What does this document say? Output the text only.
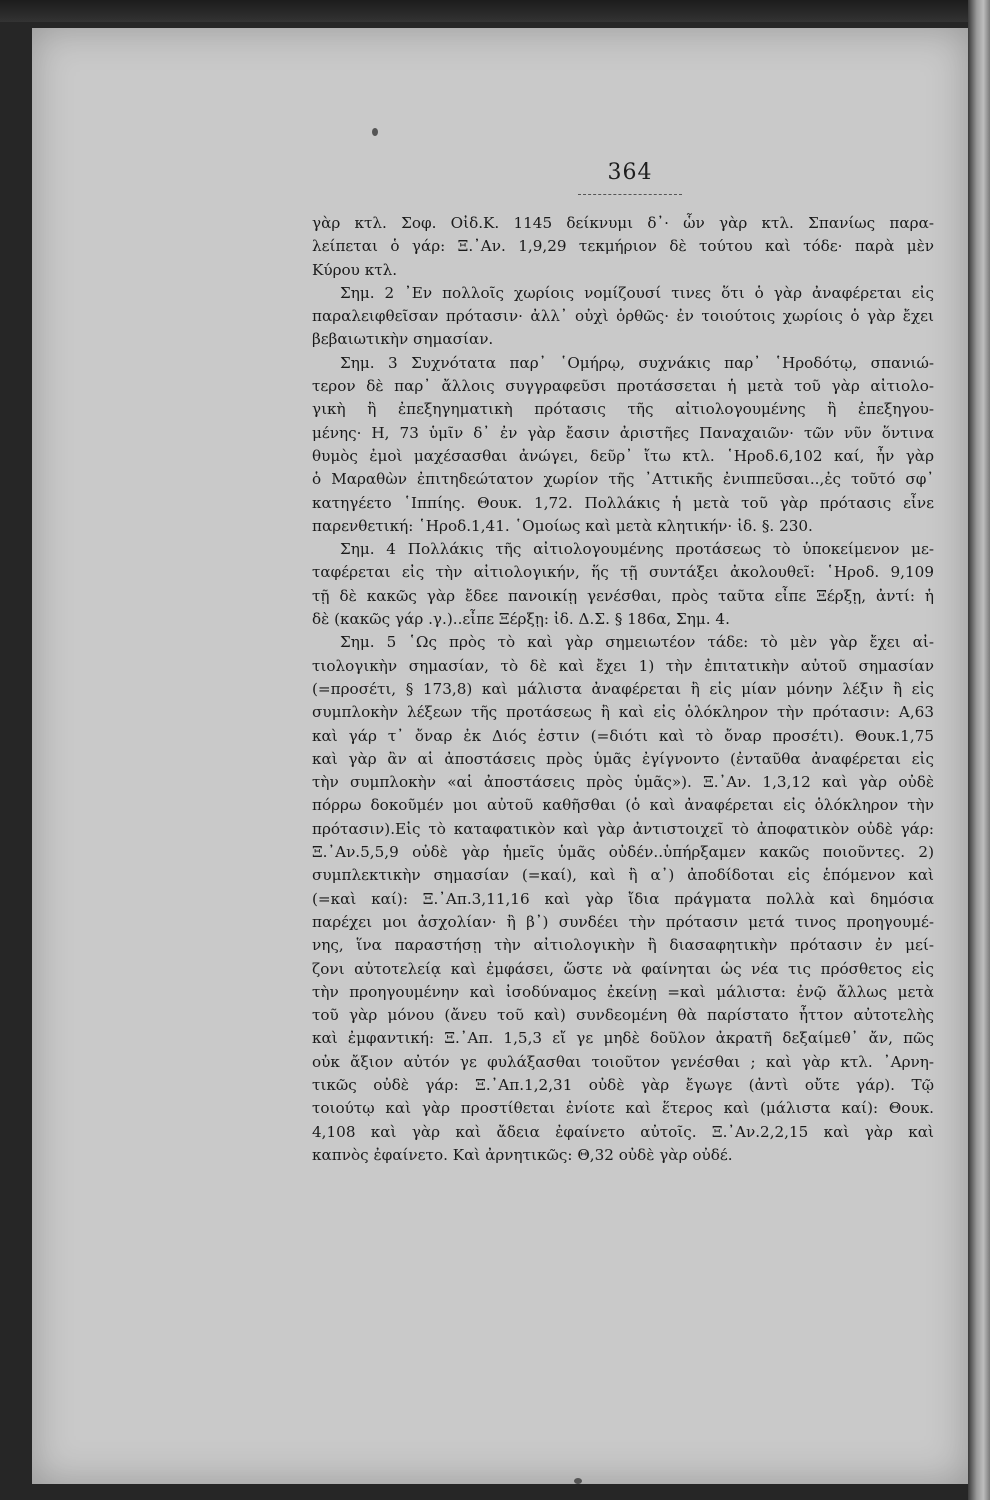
364
γὰρ κτλ. Σοφ. Οἰδ.Κ. 1145 δείκνυμι δ᾽· ὧν γὰρ κτλ. Σπανίως παρα-
λείπεται ὁ γάρ: Ξ.᾽Αν. 1,9,29 τεκμήριον δὲ τούτου καὶ τόδε· παρὰ μὲν
Κύρου κτλ.
Σημ. 2 ᾽Εν πολλοῖς χωρίοις νομίζουσί τινες ὅτι ὁ γὰρ ἀναφέρεται εἰς
παραλειφθεῖσαν πρότασιν· ἀλλ᾽ οὐχὶ ὀρθῶς· ἐν τοιούτοις χωρίοις ὁ γὰρ ἔχει
βεβαιωτικὴν σημασίαν.
Σημ. 3 Συχνότατα παρ᾽ ῾Ομήρῳ, συχνάκις παρ᾽ ῾Ηροδότῳ, σπανιώ-
τερον δὲ παρ᾽ ἄλλοις συγγραφεῦσι προτάσσεται ἡ μετὰ τοῦ γὰρ αἰτιολο-
γικὴ ἢ ἐπεξηγηματικὴ πρότασις τῆς αἰτιολογουμένης ἢ ἐπεξηγου-
μένης· Η, 73 ὑμῖν δ᾽ ἐν γὰρ ἔασιν ἀριστῆες Παναχαιῶν· τῶν νῦν ὅντινα
θυμὸς ἐμοὶ μαχέσασθαι ἀνώγει, δεῦρ᾽ ἴτω κτλ. ῾Ηροδ.6,102 καί, ἦν γὰρ
ὁ Μαραθὼν ἐπιτηδεώτατον χωρίον τῆς ᾽Αττικῆς ἐνιππεῦσαι..,ἐς τοῦτό σφ᾽
κατηγέετο ῾Ιππίης. Θουκ. 1,72. Πολλάκις ἡ μετὰ τοῦ γὰρ πρότασις εἶνε
παρενθετική: ῾Ηροδ.1,41. ῾Ομοίως καὶ μετὰ κλητικήν· ἰδ. §. 230.
Σημ. 4 Πολλάκις τῆς αἰτιολογουμένης προτάσεως τὸ ὑποκείμενον με-
ταφέρεται εἰς τὴν αἰτιολογικήν, ἥς τῇ συντάξει ἀκολουθεῖ: ῾Ηροδ. 9,109
τῇ δὲ κακῶς γὰρ ἔδεε πανοικίῃ γενέσθαι, πρὸς ταῦτα εἶπε Ξέρξῃ, ἀντί: ἡ
δὲ (κακῶς γάρ .γ.)..εἶπε Ξέρξῃ: ἰδ. Δ.Σ. § 186α, Σημ. 4.
Σημ. 5 ῾Ως πρὸς τὸ καὶ γὰρ σημειωτέον τάδε: τὸ μὲν γὰρ ἔχει αἰ-
τιολογικὴν σημασίαν, τὸ δὲ καὶ ἔχει 1) τὴν ἐπιτατικὴν αὐτοῦ σημασίαν
(=προσέτι, § 173,8) καὶ μάλιστα ἀναφέρεται ἢ εἰς μίαν μόνην λέξιν ἢ εἰς
συμπλοκὴν λέξεων τῆς προτάσεως ἢ καὶ εἰς ὁλόκληρον τὴν πρότασιν: Α,63
καὶ γάρ τ᾽ ὄναρ ἐκ Διός ἐστιν (=διότι καὶ τὸ ὄναρ προσέτι). Θουκ.1,75
καὶ γὰρ ἂν αἱ ἀποστάσεις πρὸς ὑμᾶς ἐγίγνοντο (ἐνταῦθα ἀναφέρεται εἰς
τὴν συμπλοκὴν «αἱ ἀποστάσεις πρὸς ὑμᾶς»). Ξ.᾽Αν. 1,3,12 καὶ γὰρ οὐδὲ
πόρρω δοκοῦμέν μοι αὐτοῦ καθῆσθαι (ὁ καὶ ἀναφέρεται εἰς ὁλόκληρον τὴν
πρότασιν).Εἰς τὸ καταφατικὸν καὶ γὰρ ἀντιστοιχεῖ τὸ ἀποφατικὸν οὐδὲ γάρ:
Ξ.᾽Αν.5,5,9 οὐδὲ γὰρ ἡμεῖς ὑμᾶς οὐδέν..ὑπήρξαμεν κακῶς ποιοῦντες. 2)
συμπλεκτικὴν σημασίαν (=καί), καὶ ἢ α᾽) ἀποδίδοται εἰς ἑπόμενον καὶ
(=καὶ καί): Ξ.᾽Απ.3,11,16 καὶ γὰρ ἴδια πράγματα πολλὰ καὶ δημόσια
παρέχει μοι ἀσχολίαν· ἢ β᾽) συνδέει τὴν πρότασιν μετά τινος προηγουμέ-
νης, ἵνα παραστήσῃ τὴν αἰτιολογικὴν ἢ διασαφητικὴν πρότασιν ἐν μεί-
ζονι αὐτοτελείᾳ καὶ ἐμφάσει, ὥστε νὰ φαίνηται ὡς νέα τις πρόσθετος εἰς
τὴν προηγουμένην καὶ ἰσοδύναμος ἐκείνῃ =καὶ μάλιστα: ἐνῷ ἄλλως μετὰ
τοῦ γὰρ μόνου (ἄνευ τοῦ καὶ) συνδεομένη θὰ παρίστατο ἧττον αὐτοτελὴς
καὶ ἐμφαντική: Ξ.᾽Απ. 1,5,3 εἴ γε μηδὲ δοῦλον ἀκρατῆ δεξαίμεθ᾽ ἄν, πῶς
οὐκ ἄξιον αὐτόν γε φυλάξασθαι τοιοῦτον γενέσθαι ; καὶ γὰρ κτλ. ᾽Αρνη-
τικῶς οὐδὲ γάρ: Ξ.᾽Απ.1,2,31 οὐδὲ γὰρ ἔγωγε (ἀντὶ οὔτε γάρ). Τῷ
τοιούτῳ καὶ γὰρ προστίθεται ἐνίοτε καὶ ἕτερος καὶ (μάλιστα καί): Θουκ.
4,108 καὶ γὰρ καὶ ἄδεια ἐφαίνετο αὐτοῖς. Ξ.᾽Αν.2,2,15 καὶ γὰρ καὶ
καπνὸς ἐφαίνετο. Καὶ ἀρνητικῶς: Θ,32 οὐδὲ γὰρ οὐδέ.
